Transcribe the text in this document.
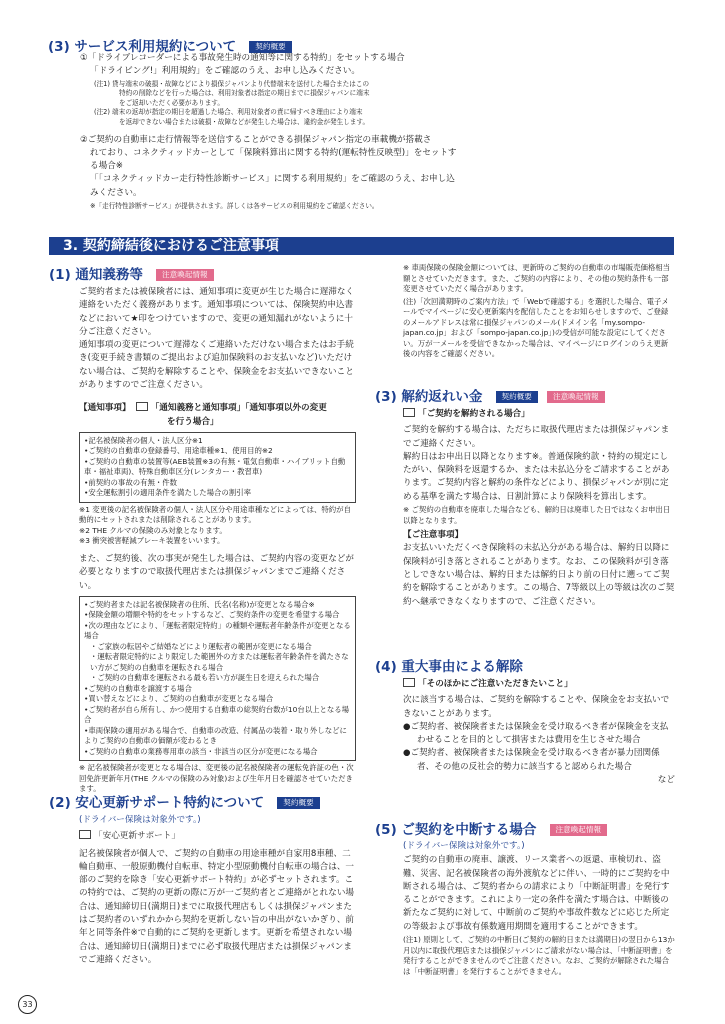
(3) サービス利用規約について	契約概要

①「ドライブレコーダーによる事故発生時の通知等に関する特約」をセットする場合

「ドライビング!」利用規約」をご確認のうえ、お申し込みください。

(注1) 貸与端末の破損・故障などにより損保ジャパンより代替端末を送付した場合またはこの

特約の削除などを行った場合は、利用対象者は指定の期日までに損保ジャパンに端末

をご返却いただく必要があります。

(注2) 端末の返却が指定の期日を超過した場合、利用対象者の責に帰すべき理由により端末

を返却できない場合または破損・故障などが発生した場合は、違約金が発生します。

②ご契約の自動車に走行情報等を送信することができる損保ジャパン指定の車載機が搭載さ

れており、コネクティッドカーとして「保険料算出に関する特約(運転特性反映型)」をセットす

る場合※

「「コネクティッドカー走行特性診断サービス」に関する利用規約」をご確認のうえ、お申し込

みください。

※「走行特性診断サービス」が提供されます。詳しくは各サービスの利用規約をご確認ください。

3. 契約締結後におけるご注意事項
(1) 通知義務等	注意喚起情報

ご契約者または被保険者には、通知事項に変更が生じた場合に遅滞なく連絡をいただく義務があります。通知事項については、保険契約申込書などにおいて★印をつけていますので、変更の通知漏れがないように十分ご注意ください。

通知事項の変更について遅滞なくご連絡いただけない場合またはお手続き(変更手続き書類のご提出および追加保険料のお支払いなど)いただけない場合は、ご契約を解除することや、保険金をお支払いできないことがありますのでご注意ください。

【通知事項】 「通知義務と通知事項」「通知事項以外の変更

を行う場合」

•記名被保険者の個人・法人区分※1

•ご契約の自動車の登録番号、用途車種※1、使用目的※2

•ご契約の自動車の装置等(AEB装置※3の有無・電気自動車・ハイブリット自動車・福祉車両)、特殊自動車区分(レンタカー・教習車)

•前契約の事故の有無・件数

•安全運転割引の適用条件を満たした場合の割引率

※1 変更後の記名被保険者の個人・法人区分や用途車種などによっては、特約が自動的にセットされまたは削除されることがあります。

※2 THE クルマの保険のみ対象となります。

※3 衝突被害軽減ブレーキ装置をいいます。

また、ご契約後、次の事実が発生した場合は、ご契約内容の変更などが必要となりますので取扱代理店または損保ジャパンまでご連絡ください。

•ご契約者または記名被保険者の住所、氏名(名称)が変更となる場合※

•保険金額の増額や特約をセットするなど、ご契約条件の変更を希望する場合

•次の理由などにより、「運転者限定特約」の種類や運転者年齢条件が変更となる場合

・ご家族の転居やご結婚などにより運転者の範囲が変更になる場合

・運転者限定特約により限定した範囲外の方または運転者年齢条件を満たさない方がご契約の自動車を運転される場合

・ご契約の自動車を運転される最も若い方が誕生日を迎えられた場合

•ご契約の自動車を譲渡する場合

•買い替えなどにより、ご契約の自動車が変更となる場合

•ご契約者が自ら所有し、かつ使用する自動車の総契約台数が10台以上となる場合

•車両保険の適用がある場合で、自動車の改造、付属品の装着・取り外しなどによりご契約の自動車の価額が変わるとき

•ご契約の自動車の業務専用車の該当・非該当の区分が変更になる場合

※ 記名被保険者が変更となる場合は、変更後の記名被保険者の運転免許証の色・次回免許更新年月(THE クルマの保険のみ対象)および生年月日を確認させていただきます。

(2) 安心更新サポート特約について	契約概要

(ドライバー保険は対象外です。)

「安心更新サポート」

記名被保険者が個人で、ご契約の自動車の用途車種が自家用8車種、二輪自動車、一般原動機付自転車、特定小型原動機付自転車の場合は、一部のご契約を除き「安心更新サポート特約」が必ずセットされます。この特約では、ご契約の更新の際に万が一ご契約者とご連絡がとれない場合は、通知締切日(満期日)までに取扱代理店もしくは損保ジャパンまたはご契約者のいずれかから契約を更新しない旨の申出がないかぎり、前年と同等条件※で自動的にご契約を更新します。更新を希望されない場合は、通知締切日(満期日)までに必ず取扱代理店または損保ジャパンまでご連絡ください。

※ 車両保険の保険金額については、更新時のご契約の自動車の市場販売価格相当額とさせていただきます。また、ご契約の内容により、その他の契約条件も一部変更させていただく場合があります。

(注)「次回満期時のご案内方法」で「Webで確認する」を選択した場合、電子メールでマイページに安心更新案内を配信したことをお知らせしますので、ご登録のメールアドレスは常に損保ジャパンのメール(ドメイン名「my.sompo-japan.co.jp」および「sompo-japan.co.jp」)の受信が可能な設定にしてください。万が一メールを受信できなかった場合は、マイページにログインのうえ更新後の内容をご確認ください。

(3) 解約返れい金	契約概要	注意喚起情報

「ご契約を解約される場合」

ご契約を解約する場合は、ただちに取扱代理店または損保ジャパンまでご連絡ください。

解約日はお申出日以降となります※。普通保険約款・特約の規定にしたがい、保険料を返還するか、または未払込分をご請求することがあります。ご契約内容と解約の条件などにより、損保ジャパンが別に定める基準を満たす場合は、日割計算により保険料を算出します。

※ ご契約の自動車を廃車した場合なども、解約日は廃車した日ではなくお申出日以降となります。

【ご注意事項】

お支払いいただくべき保険料の未払込分がある場合は、解約日以降に保険料が引き落とされることがあります。なお、この保険料が引き落としできない場合は、解約日または解約日より前の日付に遡ってご契約を解除することがあります。この場合、7等級以上の等級は次のご契約へ継承できなくなりますので、ご注意ください。

(4) 重大事由による解除

「そのほかにご注意いただきたいこと」

次に該当する場合は、ご契約を解除することや、保険金をお支払いできないことがあります。

●ご契約者、被保険者または保険金を受け取るべき者が保険金を支払わせることを目的として損害または費用を生じさせた場合

●ご契約者、被保険者または保険金を受け取るべき者が暴力団関係者、その他の反社会的勢力に該当すると認められた場合

など

(5) ご契約を中断する場合	注意喚起情報

(ドライバー保険は対象外です。)

ご契約の自動車の廃車、譲渡、リース業者への返還、車検切れ、盗難、災害、記名被保険者の海外渡航などに伴い、一時的にご契約を中断される場合は、ご契約者からの請求により「中断証明書」を発行することができます。これにより一定の条件を満たす場合は、中断後の新たなご契約に対して、中断前のご契約や事故件数などに応じた所定の等級および事故有係数適用期間を適用することができます。

(注1) 原則として、ご契約の中断日(ご契約の解約日または満期日)の翌日から13か月以内に取扱代理店または損保ジャパンにご請求がない場合は、「中断証明書」を発行することができませんのでご注意ください。なお、ご契約が解除された場合は「中断証明書」を発行することができません。

33
